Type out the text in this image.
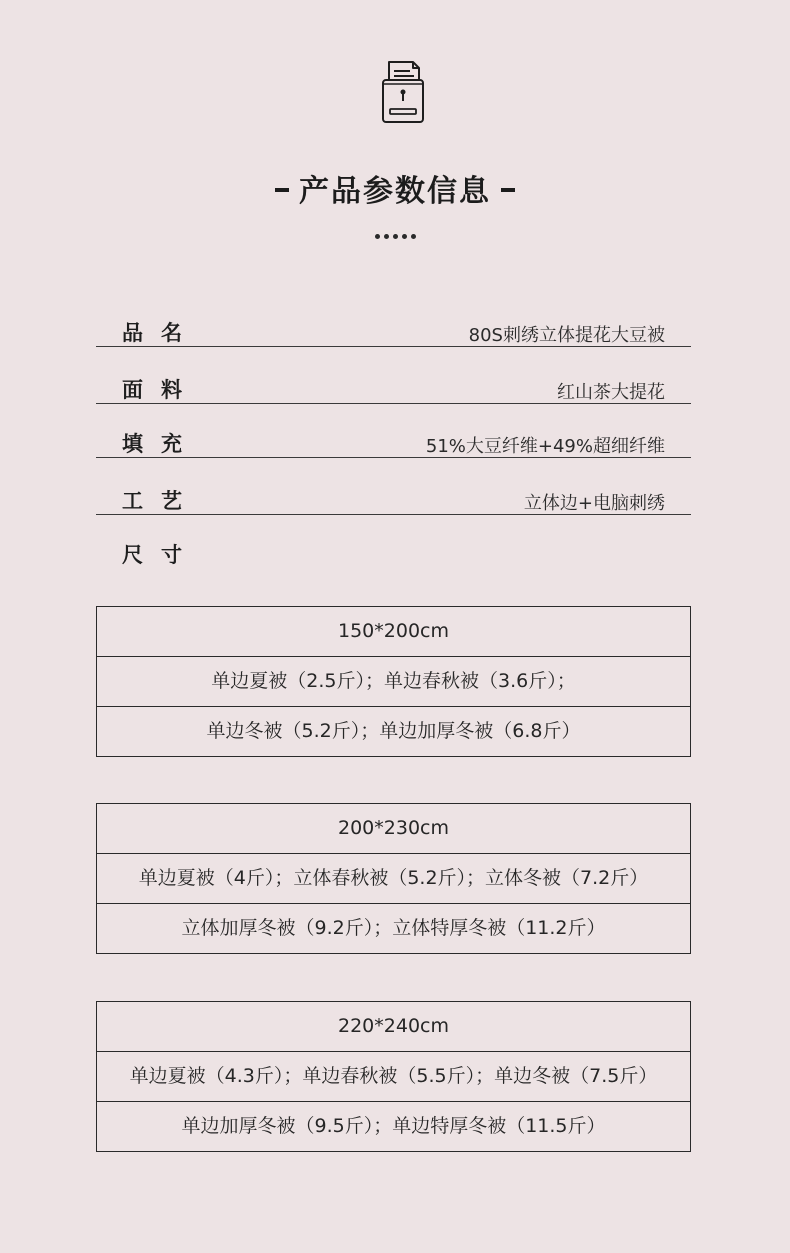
产品参数信息
品名	80S刺绣立体提花大豆被
面料	红山茶大提花
填充	51%大豆纤维+49%超细纤维
工艺	立体边+电脑刺绣
尺寸
150*200cm
单边夏被（2.5斤）；单边春秋被（3.6斤）；
单边冬被（5.2斤）；单边加厚冬被（6.8斤）
200*230cm
单边夏被（4斤）；立体春秋被（5.2斤）；立体冬被（7.2斤）
立体加厚冬被（9.2斤）；立体特厚冬被（11.2斤）
220*240cm
单边夏被（4.3斤）；单边春秋被（5.5斤）；单边冬被（7.5斤）
单边加厚冬被（9.5斤）；单边特厚冬被（11.5斤）
